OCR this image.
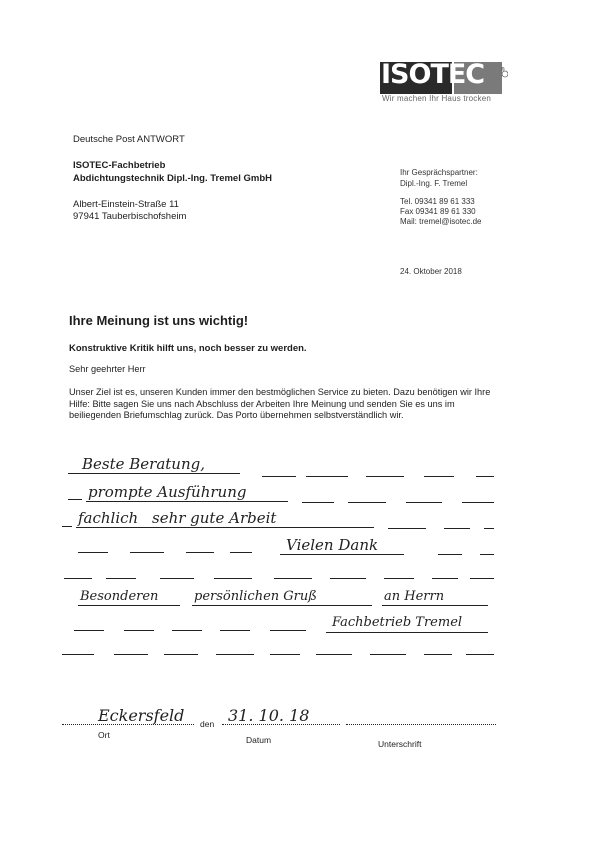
ISOTEC	®
Wir machen Ihr Haus trocken
Deutsche Post ANTWORT
ISOTEC-Fachbetrieb
Abdichtungstechnik Dipl.-Ing. Tremel GmbH
Albert-Einstein-Straße 11
97941 Tauberbischofsheim
Ihr Gesprächspartner:
Dipl.-Ing. F. Tremel
Tel. 09341 89 61 333
Fax 09341 89 61 330
Mail: tremel@isotec.de
24. Oktober 2018
Ihre Meinung ist uns wichtig!
Konstruktive Kritik hilft uns, noch besser zu werden.
Sehr geehrter Herr
Unser Ziel ist es, unseren Kunden immer den bestmöglichen Service zu bieten. Dazu benötigen wir Ihre Hilfe: Bitte sagen Sie uns nach Abschluss der Arbeiten Ihre Meinung und senden Sie es uns im beiliegenden Briefumschlag zurück. Das Porto übernehmen selbstverständlich wir.
Beste Beratung,
prompte Ausführung
fachlich sehr gute Arbeit
Vielen Dank
Besonderen	persönlichen Gruß	an Herrn
Fachbetrieb Tremel
Eckersfeld den 31. 10. 18
Ort	Datum	Unterschrift
